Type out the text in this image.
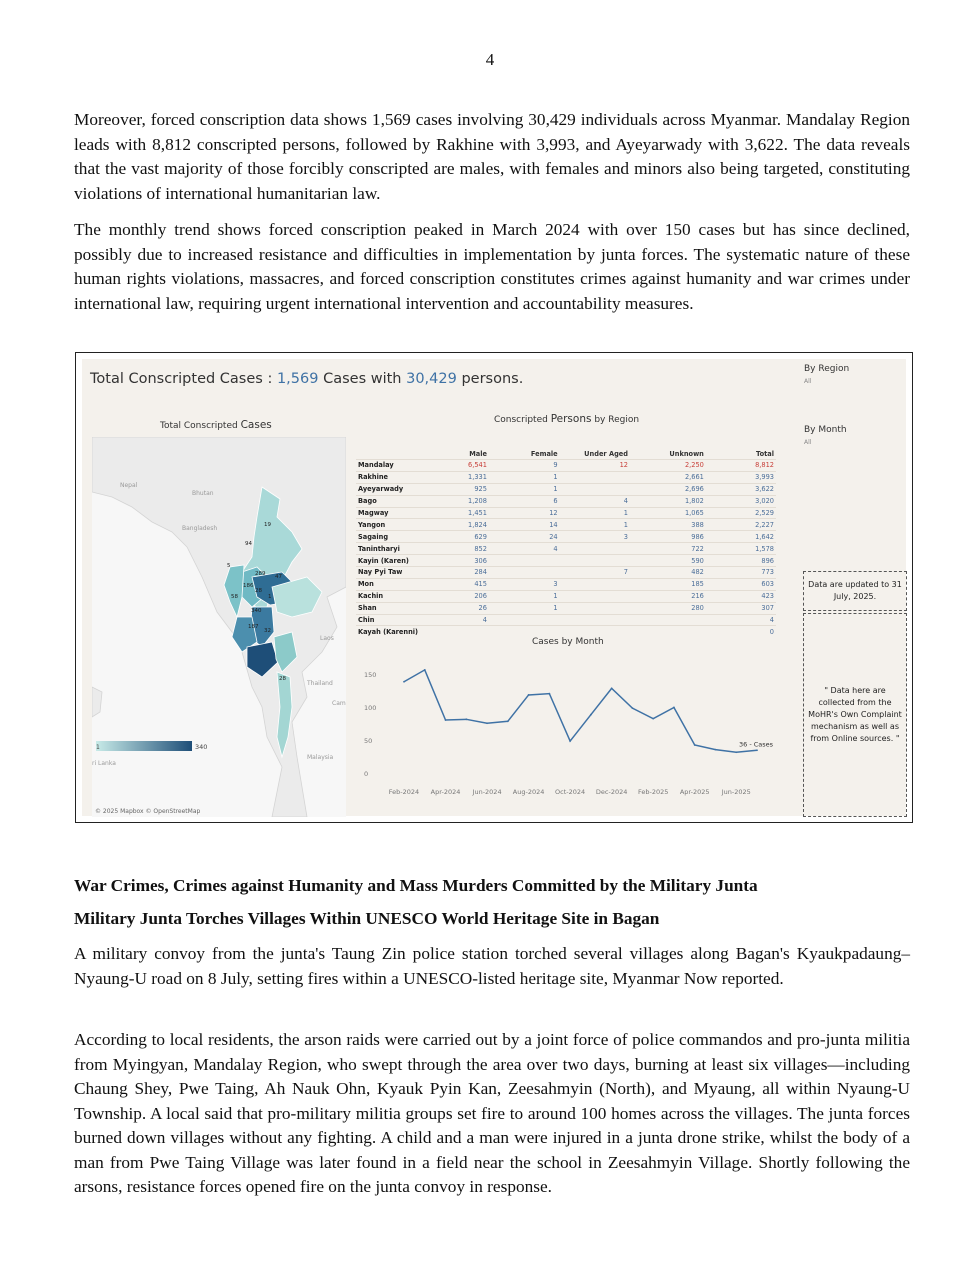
4

Moreover, forced conscription data shows 1,569 cases involving 30,429 individuals across Myanmar. Mandalay Region leads with 8,812 conscripted persons, followed by Rakhine with 3,993, and Ayeyarwady with 3,622. The data reveals that the vast majority of those forcibly conscripted are males, with females and minors also being targeted, constituting violations of international humanitarian law.

The monthly trend shows forced conscription peaked in March 2024 with over 150 cases but has since declined, possibly due to increased resistance and difficulties in implementation by junta forces. The systematic nature of these human rights violations, massacres, and forced conscription constitutes crimes against humanity and war crimes under international law, requiring urgent international intervention and accountability measures.

Total Conscripted Cases : 1,569 Cases with 30,429 persons.
Total Conscripted Cases
Nepal
Bhutan
Bangladesh
Laos
Thailand
Malaysia
ri Lanka
Cam
19
94
5
289 47
186
28
1
58
340
187
32
28
1	340
© 2025 Mapbox © OpenStreetMap
Conscripted Persons by Region
	Male	Female	Under Aged	Unknown	Total
Mandalay	6,541	9	12	2,250	8,812
Rakhine	1,331	1		2,661	3,993
Ayeyarwady	925	1		2,696	3,622
Bago	1,208	6	4	1,802	3,020
Magway	1,451	12	1	1,065	2,529
Yangon	1,824	14	1	388	2,227
Sagaing	629	24	3	986	1,642
Tanintharyi	852	4		722	1,578
Kayin (Karen)	306			590	896
Nay Pyi Taw	284		7	482	773
Mon	415	3		185	603
Kachin	206	1		216	423
Shan	26	1		280	307
Chin	4				4
Kayah (Karenni)					0
Cases by Month
0
50
100
150
Feb-2024 Apr-2024 Jun-2024 Aug-2024 Oct-2024 Dec-2024 Feb-2025 Apr-2025 Jun-2025
36 - Cases
By Region
All
By Month
All
Data are updated to 31 July, 2025.
" Data here are collected from the MoHR's Own Complaint mechanism as well as from Online sources. "

War Crimes, Crimes against Humanity and Mass Murders Committed by the Military Junta

Military Junta Torches Villages Within UNESCO World Heritage Site in Bagan

A military convoy from the junta's Taung Zin police station torched several villages along Bagan's Kyaukpadaung–Nyaung-U road on 8 July, setting fires within a UNESCO-listed heritage site, Myanmar Now reported.

According to local residents, the arson raids were carried out by a joint force of police commandos and pro-junta militia from Myingyan, Mandalay Region, who swept through the area over two days, burning at least six villages—including Chaung Shey, Pwe Taing, Ah Nauk Ohn, Kyauk Pyin Kan, Zeesahmyin (North), and Myaung, all within Nyaung-U Township. A local said that pro-military militia groups set fire to around 100 homes across the villages. The junta forces burned down villages without any fighting. A child and a man were injured in a junta drone strike, whilst the body of a man from Pwe Taing Village was later found in a field near the school in Zeesahmyin Village. Shortly following the arsons, resistance forces opened fire on the junta convoy in response.
